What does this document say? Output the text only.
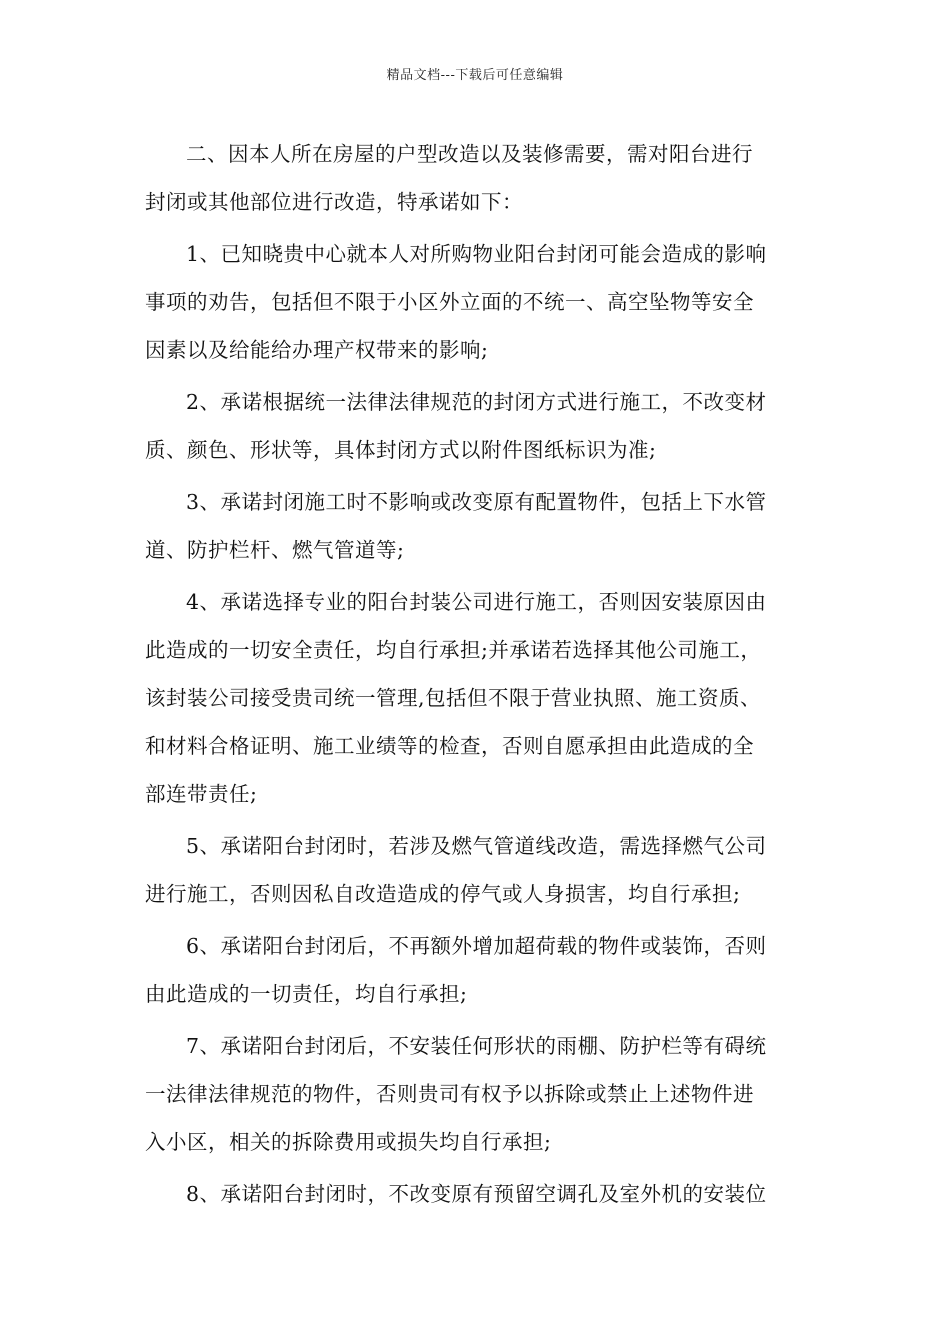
精品文档---下载后可任意编辑
二、因本人所在房屋的户型改造以及装修需要，需对阳台进行
封闭或其他部位进行改造，特承诺如下：
1、已知晓贵中心就本人对所购物业阳台封闭可能会造成的影响
事项的劝告，包括但不限于小区外立面的不统一、高空坠物等安全
因素以及给能给办理产权带来的影响;
2、承诺根据统一法律法律规范的封闭方式进行施工，不改变材
质、颜色、形状等，具体封闭方式以附件图纸标识为准;
3、承诺封闭施工时不影响或改变原有配置物件，包括上下水管
道、防护栏杆、燃气管道等;
4、承诺选择专业的阳台封装公司进行施工，否则因安装原因由
此造成的一切安全责任，均自行承担;并承诺若选择其他公司施工，
该封装公司接受贵司统一管理,包括但不限于营业执照、施工资质、
和材料合格证明、施工业绩等的检查，否则自愿承担由此造成的全
部连带责任;
5、承诺阳台封闭时，若涉及燃气管道线改造，需选择燃气公司
进行施工，否则因私自改造造成的停气或人身损害，均自行承担;
6、承诺阳台封闭后，不再额外增加超荷载的物件或装饰，否则
由此造成的一切责任，均自行承担;
7、承诺阳台封闭后，不安装任何形状的雨棚、防护栏等有碍统
一法律法律规范的物件，否则贵司有权予以拆除或禁止上述物件进
入小区，相关的拆除费用或损失均自行承担;
8、承诺阳台封闭时，不改变原有预留空调孔及室外机的安装位
